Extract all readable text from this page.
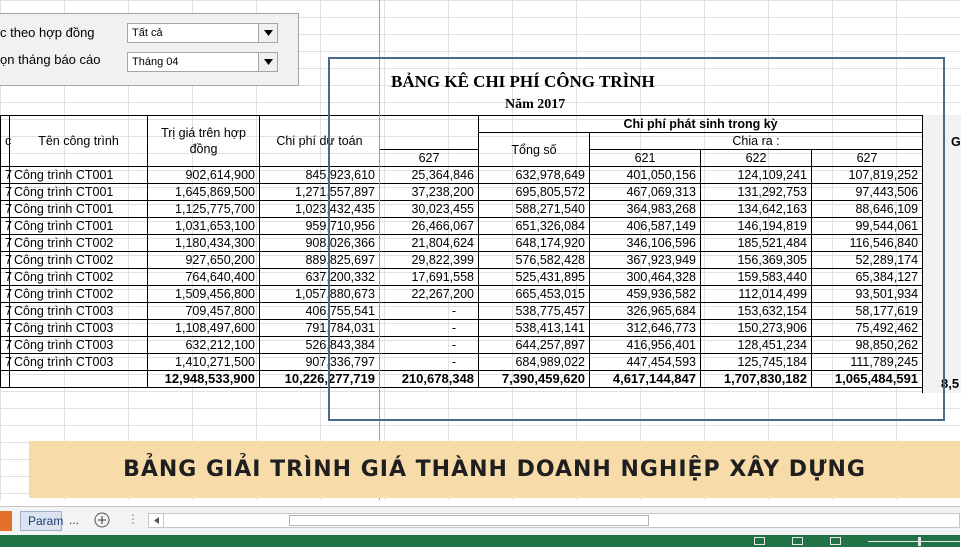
c theo hợp đồng	Tất cả
ọn tháng báo cáo	Tháng 04
BẢNG KÊ CHI PHÍ CÔNG TRÌNH
Năm 2017
c	Tên công trình	Trị giá trên hợp đồng	Chi phí dự toán		Chi phí phát sinh trong kỳ			
					Tổng số	Chia ra :		
				627		621	622	627
7	Công trình CT001	902,614,900	845,923,610	25,364,846	632,978,649	401,050,156	124,109,241	107,819,252
7	Công trình CT001	1,645,869,500	1,271,557,897	37,238,200	695,805,572	467,069,313	131,292,753	97,443,506
7	Công trình CT001	1,125,775,700	1,023,432,435	30,023,455	588,271,540	364,983,268	134,642,163	88,646,109
7	Công trình CT001	1,031,653,100	959,710,956	26,466,067	651,326,084	406,587,149	146,194,819	99,544,061
7	Công trình CT002	1,180,434,300	908,026,366	21,804,624	648,174,920	346,106,596	185,521,484	116,546,840
7	Công trình CT002	927,650,200	889,825,697	29,822,399	576,582,428	367,923,949	156,369,305	52,289,174
7	Công trình CT002	764,640,400	637,200,332	17,691,558	525,431,895	300,464,328	159,583,440	65,384,127
7	Công trình CT002	1,509,456,800	1,057,880,673	22,267,200	665,453,015	459,936,582	112,014,499	93,501,934
7	Công trình CT003	709,457,800	406,755,541	-	538,775,457	326,965,684	153,632,154	58,177,619
7	Công trình CT003	1,108,497,600	791,784,031	-	538,413,141	312,646,773	150,273,906	75,492,462
7	Công trình CT003	632,212,100	526,843,384	-	644,257,897	416,956,401	128,451,234	98,850,262
7	Công trình CT003	1,410,271,500	907,336,797	-	684,989,022	447,454,593	125,745,184	111,789,245
		12,948,533,900	10,226,277,719	210,678,348	7,390,459,620	4,617,144,847	1,707,830,182	1,065,484,591
G
8,5
BẢNG GIẢI TRÌNH GIÁ THÀNH DOANH NGHIỆP XÂY DỰNG
Param ...	⋮
